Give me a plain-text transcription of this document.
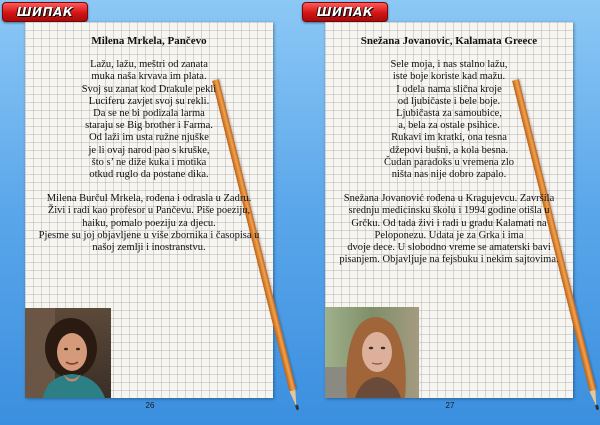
ШИПАК
Milena Mrkela, Pančevo
Lažu, lažu, meštri od zanata
muka naša krvava im plata.
Svoj su zanat kod Drakule pekli
Luciferu zavjet svoj su rekli.
Da se ne bi podizala larma
staraju se Big brother i Farma.
Od laži im usta ružne njuške
je li ovaj narod pao s kruške,
što s’ ne diže kuka i motika
otkud ruglo da postane dika.
Milena Burčul Mrkela, rođena i odrasla u Zadru.
Živi i radi kao profesor u Pančevu. Piše poeziju,
haiku, pomalo poeziju za djecu.
Pjesme su joj objavljene u više zbornika i časopisa u
našoj zemlji i inostranstvu.
26
ШИПАК
Snežana Jovanovic, Kalamata Greece
Sele moja, i nas stalno lažu,
iste boje koriste kad mažu.
I odela nama slična kroje
od ljubičaste i bele boje.
Ljubičasta za samoubice,
a, bela za ostale psihice.
Rukavi im kratki, ona tesna
džepovi bušni, a kola besna.
Čudan paradoks u vremena zlo
ništa nas nije dobro zapalo.
Snežana Jovanović rođena u Kragujevcu. Završila
srednju medicinsku školu i 1994 godine otišla u
Grčku. Od tada živi i radi u gradu Kalamati na
Peloponezu. Udata je za Grka i ima
dvoje dece. U slobodno vreme se amaterski bavi
pisanjem. Objavljuje na fejsbuku i nekim sajtovima.
27
